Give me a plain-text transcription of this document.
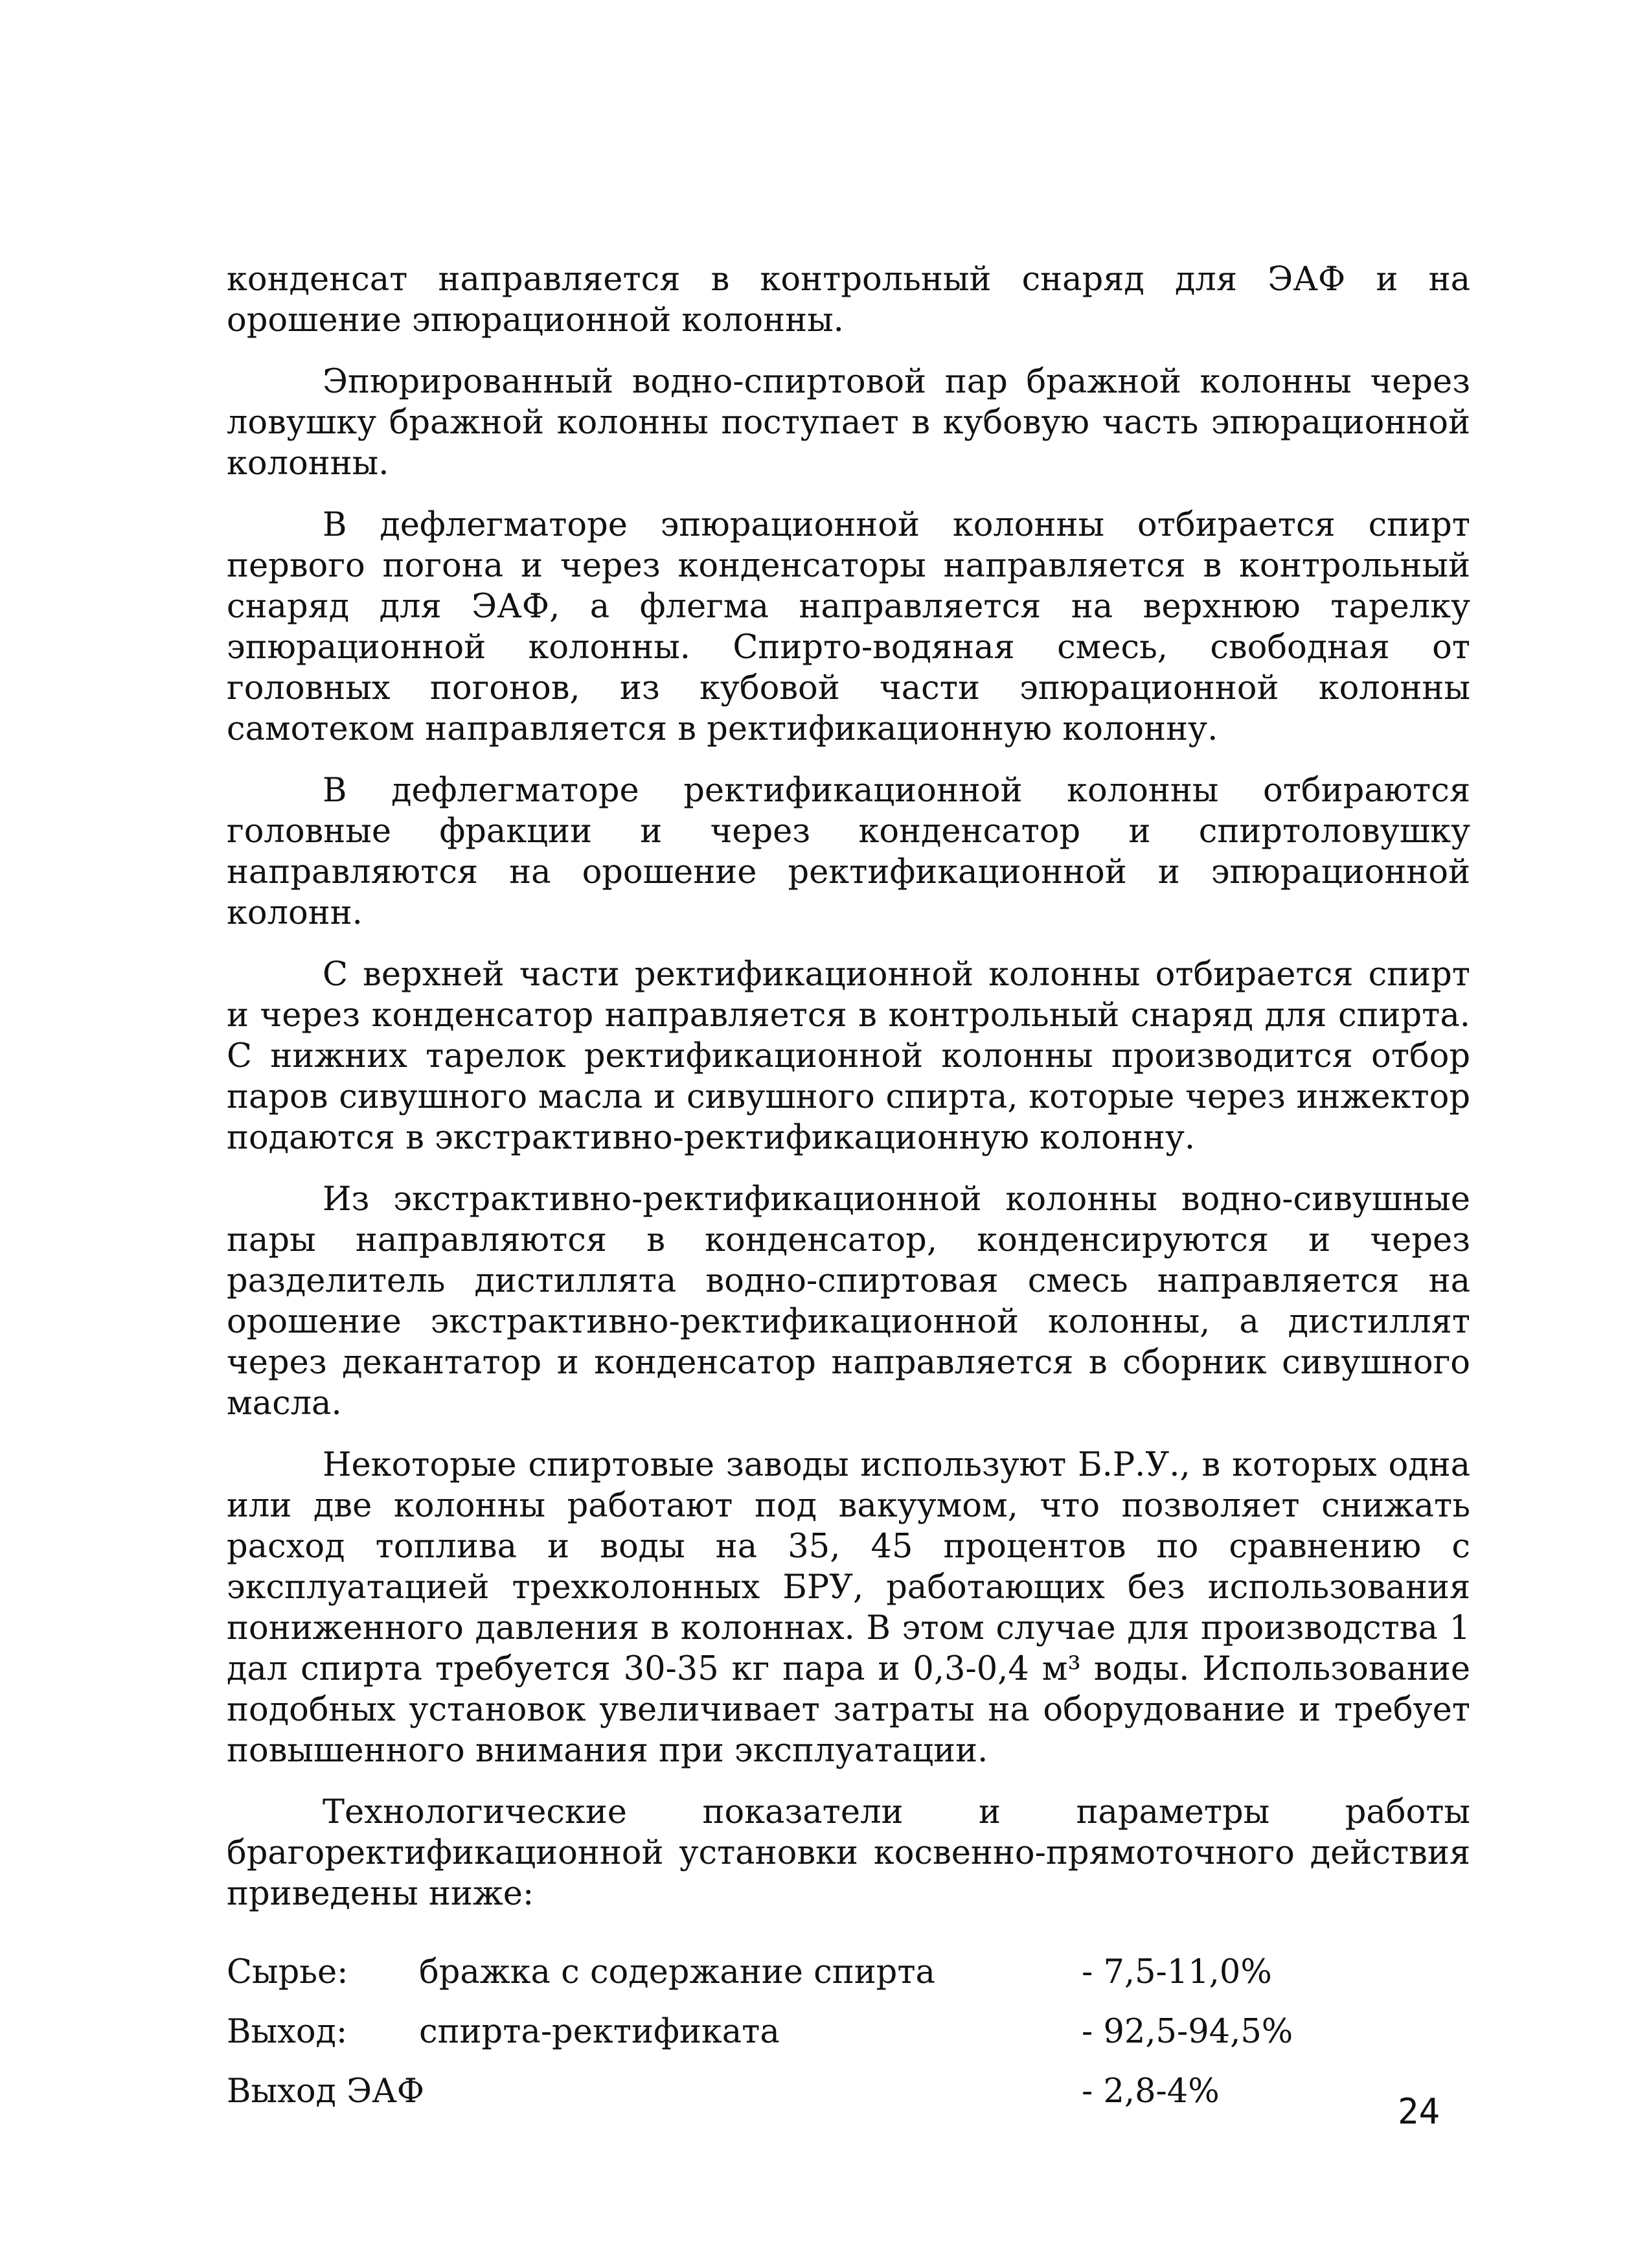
конденсат направляется в контрольный снаряд для ЭАФ и на орошение эпюрационной колонны.

Эпюрированный водно-спиртовой пар бражной колонны через ловушку бражной колонны поступает в кубовую часть эпюрационной колонны.

В дефлегматоре эпюрационной колонны отбирается спирт первого погона и через конденсаторы направляется в контрольный снаряд для ЭАФ, а флегма направляется на верхнюю тарелку эпюрационной колонны. Спирто-водяная смесь, свободная от головных погонов, из кубовой части эпюрационной колонны самотеком направляется в ректификационную колонну.

В дефлегматоре ректификационной колонны отбираются головные фракции и через конденсатор и спиртоловушку направляются на орошение ректификационной и эпюрационной колонн.

С верхней части ректификационной колонны отбирается спирт и через конденсатор направляется в контрольный снаряд для спирта. С нижних тарелок ректификационной колонны производится отбор паров сивушного масла и сивушного спирта, которые через инжектор подаются в экстрактивно-ректификационную колонну.

Из экстрактивно-ректификационной колонны водно-сивушные пары направляются в конденсатор, конденсируются и через разделитель дистиллята водно-спиртовая смесь направляется на орошение экстрактивно-ректификационной колонны, а дистиллят через декантатор и конденсатор направляется в сборник сивушного масла.

Некоторые спиртовые заводы используют Б.Р.У., в которых одна или две колонны работают под вакуумом, что позволяет снижать расход топлива и воды на 35, 45 процентов по сравнению с эксплуатацией трехколонных БРУ, работающих без использования пониженного давления в колоннах. В этом случае для производства 1 дал спирта требуется 30-35 кг пара и 0,3-0,4 м³ воды. Использование подобных установок увеличивает затраты на оборудование и требует повышенного внимания при эксплуатации.

Технологические показатели и параметры работы брагоректификационной установки косвенно-прямоточного действия приведены ниже:

Сырье: бражка с содержание спирта	- 7,5-11,0%
Выход: спирта-ректификата	- 92,5-94,5%
Выход ЭАФ	- 2,8-4%	24
